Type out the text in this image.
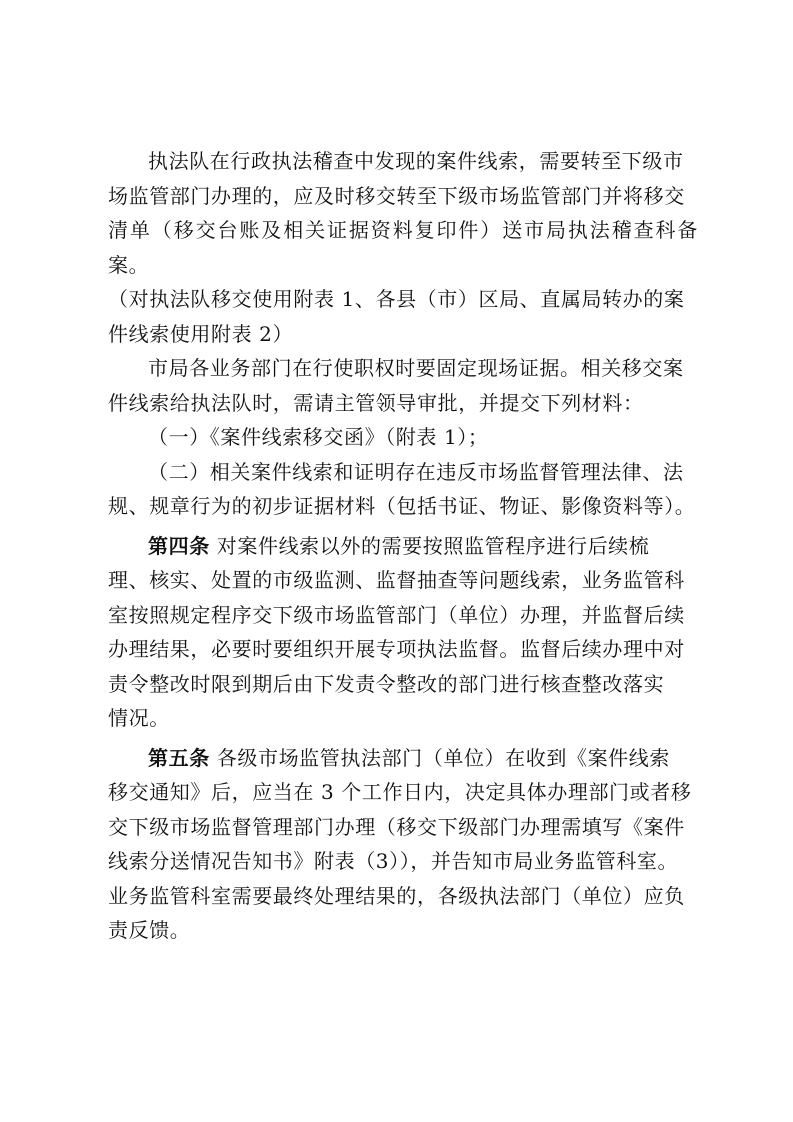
执法队在行政执法稽查中发现的案件线索，需要转至下级市
场监管部门办理的，应及时移交转至下级市场监管部门并将移交
清单（移交台账及相关证据资料复印件）送市局执法稽查科备案。
（对执法队移交使用附表 1、各县（市）区局、直属局转办的案
件线索使用附表 2）

市局各业务部门在行使职权时要固定现场证据。相关移交案
件线索给执法队时，需请主管领导审批，并提交下列材料：

（一）《案件线索移交函》（附表 1）；

（二）相关案件线索和证明存在违反市场监督管理法律、法
规、规章行为的初步证据材料（包括书证、物证、影像资料等）。

第四条 对案件线索以外的需要按照监管程序进行后续梳
理、核实、处置的市级监测、监督抽查等问题线索，业务监管科
室按照规定程序交下级市场监管部门（单位）办理，并监督后续
办理结果，必要时要组织开展专项执法监督。监督后续办理中对
责令整改时限到期后由下发责令整改的部门进行核查整改落实
情况。

第五条 各级市场监管执法部门（单位）在收到《案件线索
移交通知》后，应当在 3 个工作日内，决定具体办理部门或者移
交下级市场监督管理部门办理（移交下级部门办理需填写《案件
线索分送情况告知书》附表（3）），并告知市局业务监管科室。
业务监管科室需要最终处理结果的，各级执法部门（单位）应负
责反馈。
